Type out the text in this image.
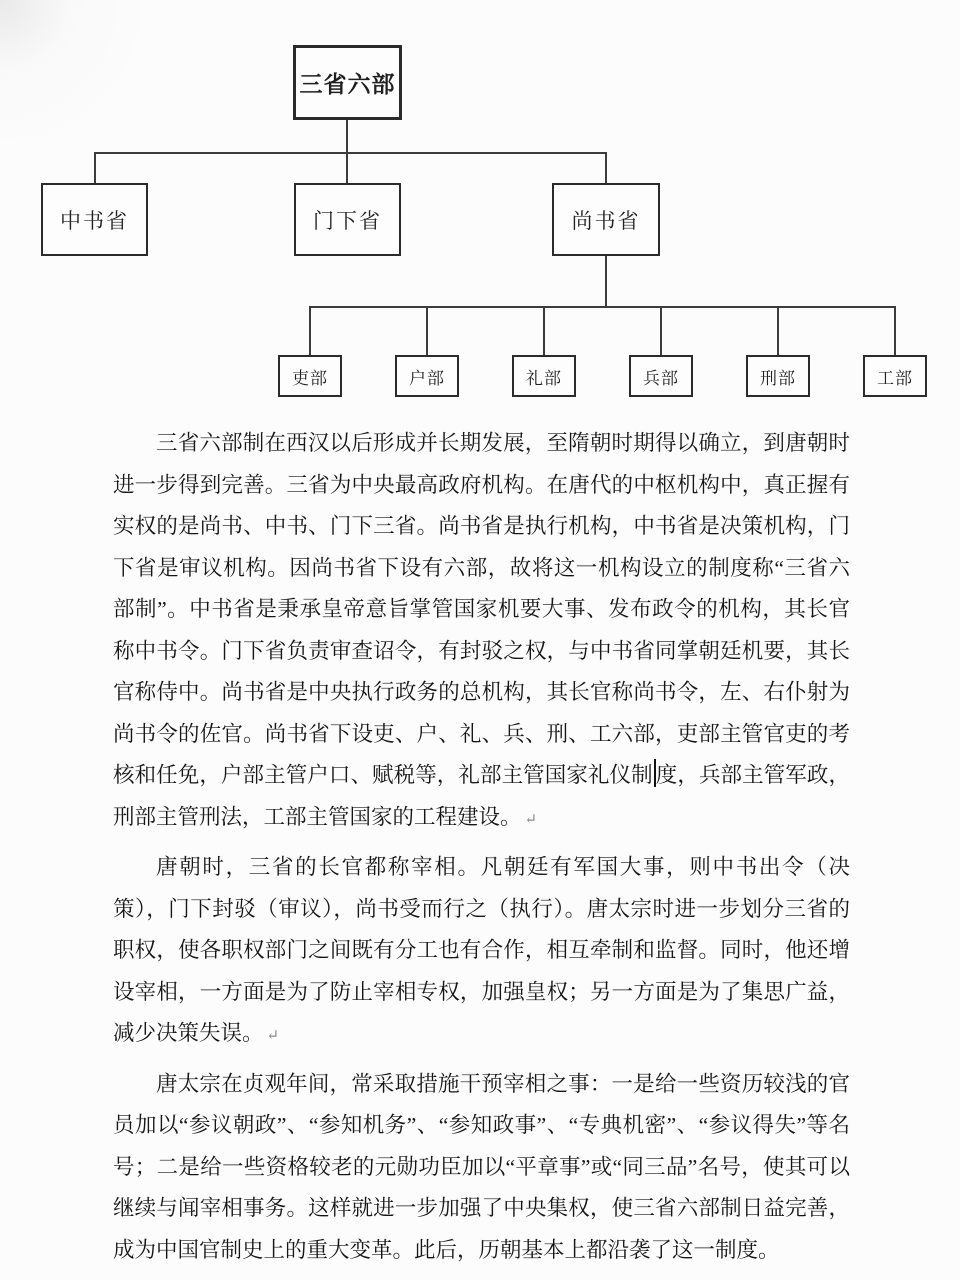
三省六部
中书省	门下省	尚书省
吏部	户部	礼部	兵部	刑部	工部

三省六部制在西汉以后形成并长期发展，至隋朝时期得以确立，到唐朝时进一步得到完善。三省为中央最高政府机构。在唐代的中枢机构中，真正握有实权的是尚书、中书、门下三省。尚书省是执行机构，中书省是决策机构，门下省是审议机构。因尚书省下设有六部，故将这一机构设立的制度称“三省六部制”。中书省是秉承皇帝意旨掌管国家机要大事、发布政令的机构，其长官称中书令。门下省负责审查诏令，有封驳之权，与中书省同掌朝廷机要，其长官称侍中。尚书省是中央执行政务的总机构，其长官称尚书令，左、右仆射为尚书令的佐官。尚书省下设吏、户、礼、兵、刑、工六部，吏部主管官吏的考核和任免，户部主管户口、赋税等，礼部主管国家礼仪制 度，兵部主管军政，刑部主管刑法，工部主管国家的工程建设。 ↵

唐朝时，三省的长官都称宰相。凡朝廷有军国大事，则中书出令（决策），门下封驳（审议），尚书受而行之（执行）。唐太宗时进一步划分三省的职权，使各职权部门之间既有分工也有合作，相互牵制和监督。同时，他还增设宰相，一方面是为了防止宰相专权，加强皇权；另一方面是为了集思广益，减少决策失误。 ↵

唐太宗在贞观年间，常采取措施干预宰相之事：一是给一些资历较浅的官员加以“参议朝政”、“参知机务”、“参知政事”、“专典机密”、“参议得失”等名号；二是给一些资格较老的元勋功臣加以“平章事”或“同三品”名号，使其可以继续与闻宰相事务。这样就进一步加强了中央集权，使三省六部制日益完善，成为中国官制史上的重大变革。此后，历朝基本上都沿袭了这一制度。
